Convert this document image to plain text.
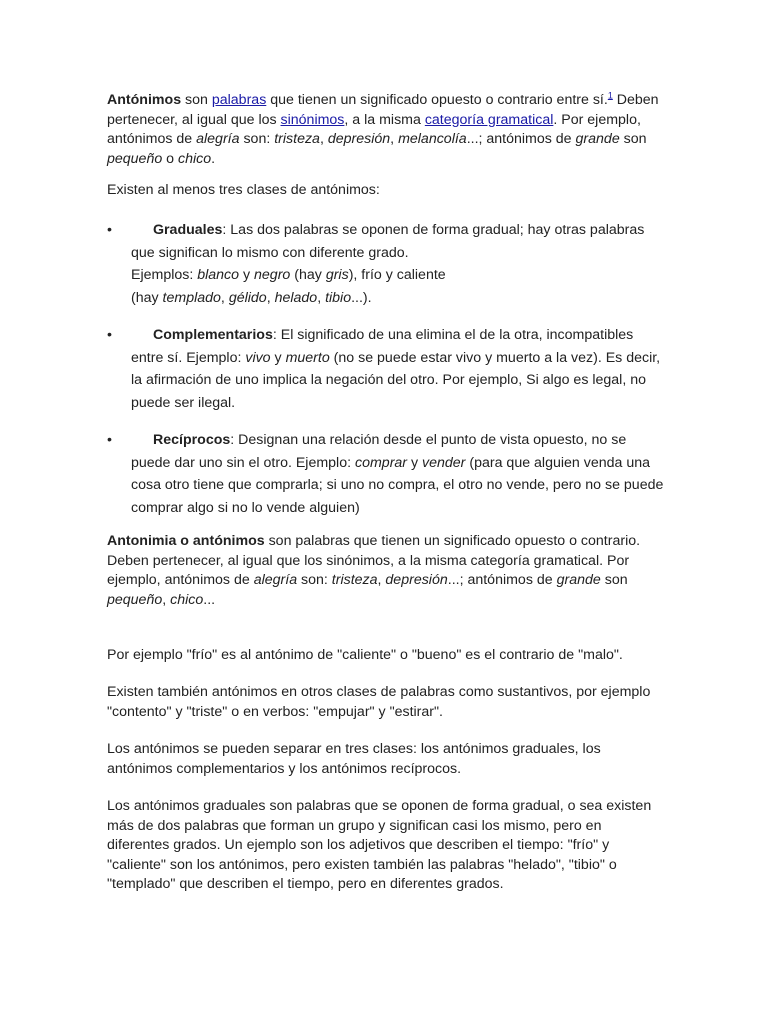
Antónimos son palabras que tienen un significado opuesto o contrario entre sí.$^1$ Deben pertenecer, al igual que los sinónimos, a la misma categoría gramatical. Por ejemplo, antónimos de alegría son: tristeza, depresión, melancolía...; antónimos de grande son pequeño o chico.

Existen al menos tres clases de antónimos:

•	Graduales: Las dos palabras se oponen de forma gradual; hay otras palabras que significan lo mismo con diferente grado.
Ejemplos: blanco y negro (hay gris), frío y caliente
(hay templado, gélido, helado, tibio...).
•	Complementarios: El significado de una elimina el de la otra, incompatibles entre sí. Ejemplo: vivo y muerto (no se puede estar vivo y muerto a la vez). Es decir, la afirmación de uno implica la negación del otro. Por ejemplo, Si algo es legal, no puede ser ilegal.
•	Recíprocos: Designan una relación desde el punto de vista opuesto, no se puede dar uno sin el otro. Ejemplo: comprar y vender (para que alguien venda una cosa otro tiene que comprarla; si uno no compra, el otro no vende, pero no se puede comprar algo si no lo vende alguien)

Antonimia o antónimos son palabras que tienen un significado opuesto o contrario. Deben pertenecer, al igual que los sinónimos, a la misma categoría gramatical. Por ejemplo, antónimos de alegría son: tristeza, depresión...; antónimos de grande son pequeño, chico...

Por ejemplo "frío" es al antónimo de "caliente" o "bueno" es el contrario de "malo".

Existen también antónimos en otros clases de palabras como sustantivos, por ejemplo "contento" y "triste" o en verbos: "empujar" y "estirar".

Los antónimos se pueden separar en tres clases: los antónimos graduales, los antónimos complementarios y los antónimos recíprocos.

Los antónimos graduales son palabras que se oponen de forma gradual, o sea existen más de dos palabras que forman un grupo y significan casi los mismo, pero en diferentes grados. Un ejemplo son los adjetivos que describen el tiempo: "frío" y "caliente" son los antónimos, pero existen también las palabras "helado", "tibio" o "templado" que describen el tiempo, pero en diferentes grados.
